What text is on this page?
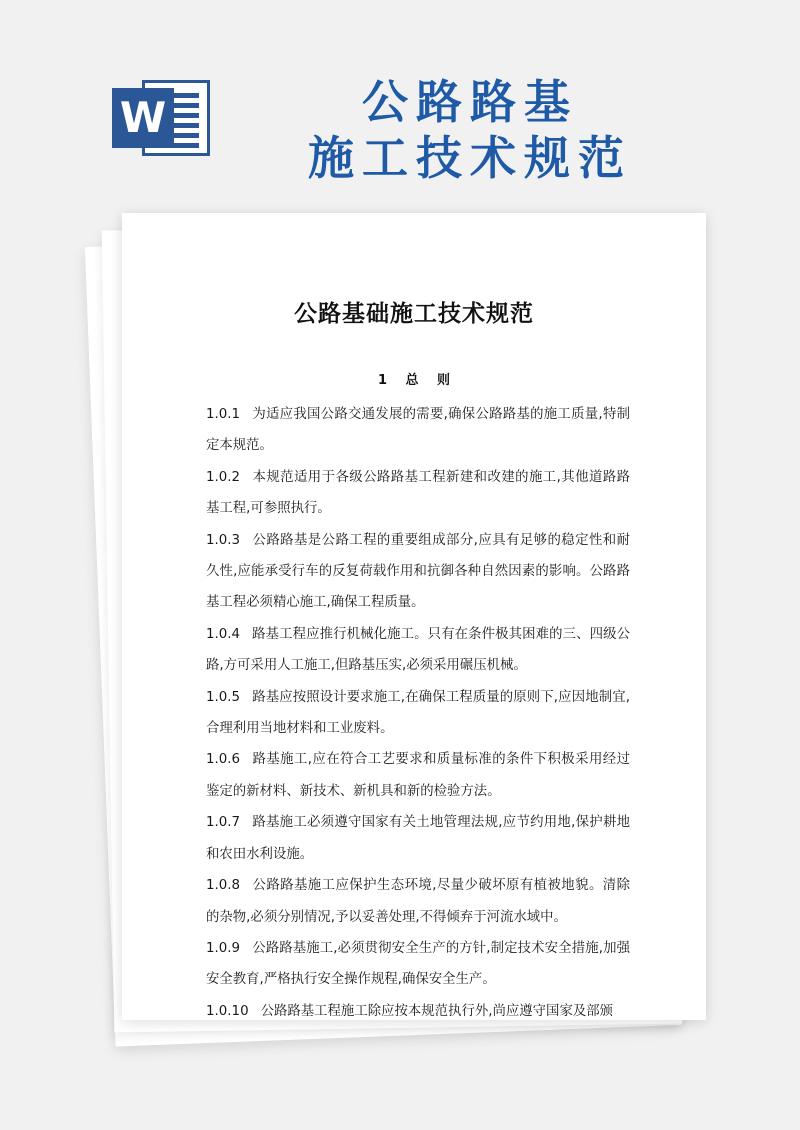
W	公路路基
施工技术规范
公路基础施工技术规范
1 总 则

1.0.1 为适应我国公路交通发展的需要,确保公路路基的施工质量,特制定本规范。

1.0.2 本规范适用于各级公路路基工程新建和改建的施工,其他道路路基工程,可参照执行。

1.0.3 公路路基是公路工程的重要组成部分,应具有足够的稳定性和耐久性,应能承受行车的反复荷载作用和抗御各种自然因素的影响。公路路基工程必须精心施工,确保工程质量。

1.0.4 路基工程应推行机械化施工。只有在条件极其困难的三、四级公路,方可采用人工施工,但路基压实,必须采用碾压机械。

1.0.5 路基应按照设计要求施工,在确保工程质量的原则下,应因地制宜,合理利用当地材料和工业废料。

1.0.6 路基施工,应在符合工艺要求和质量标准的条件下积极采用经过鉴定的新材料、新技术、新机具和新的检验方法。

1.0.7 路基施工必须遵守国家有关土地管理法规,应节约用地,保护耕地和农田水利设施。

1.0.8 公路路基施工应保护生态环境,尽量少破坏原有植被地貌。清除的杂物,必须分别情况,予以妥善处理,不得倾弃于河流水域中。

1.0.9 公路路基施工,必须贯彻安全生产的方针,制定技术安全措施,加强安全教育,严格执行安全操作规程,确保安全生产。

1.0.10 公路路基工程施工除应按本规范执行外,尚应遵守国家及部颁
